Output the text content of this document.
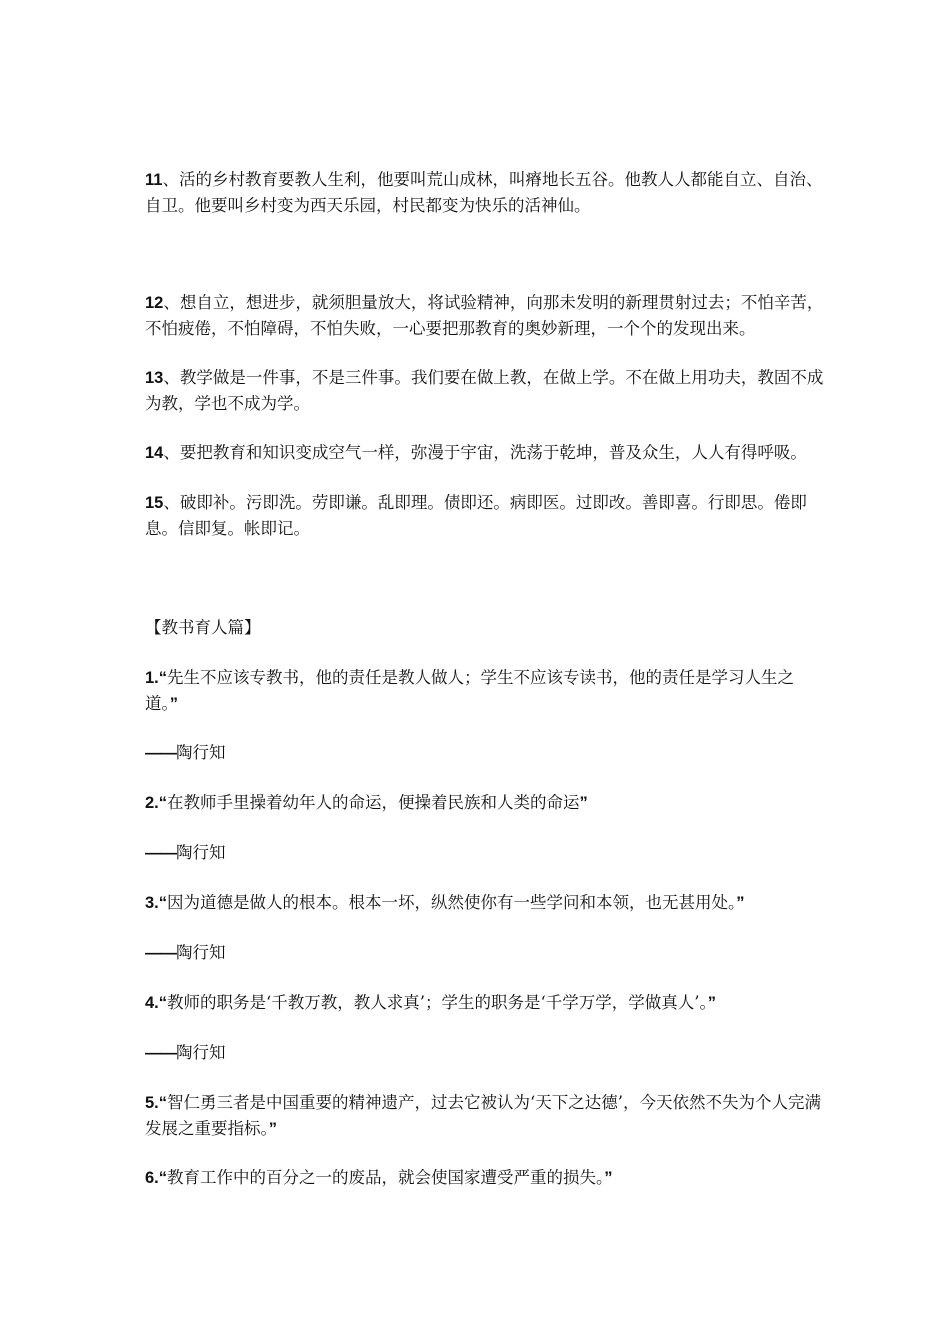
11、活的乡村教育要教人生利，他要叫荒山成林，叫瘠地长五谷。他教人人都能自立、自治、自卫。他要叫乡村变为西天乐园，村民都变为快乐的活神仙。

12、想自立，想进步，就须胆量放大，将试验精神，向那未发明的新理贯射过去；不怕辛苦，不怕疲倦，不怕障碍，不怕失败，一心要把那教育的奥妙新理，一个个的发现出来。

13、教学做是一件事，不是三件事。我们要在做上教，在做上学。不在做上用功夫，教固不成为教，学也不成为学。

14、要把教育和知识变成空气一样，弥漫于宇宙，洗荡于乾坤，普及众生，人人有得呼吸。

15、破即补。污即洗。劳即谦。乱即理。债即还。病即医。过即改。善即喜。行即思。倦即息。信即复。帐即记。

【教书育人篇】

1.“先生不应该专教书，他的责任是教人做人；学生不应该专读书，他的责任是学习人生之道。”

——陶行知

2.“在教师手里操着幼年人的命运，便操着民族和人类的命运”

——陶行知

3.“因为道德是做人的根本。根本一坏，纵然使你有一些学问和本领，也无甚用处。”

——陶行知

4.“教师的职务是‘千教万教，教人求真’；学生的职务是‘千学万学，学做真人’。”

——陶行知

5.“智仁勇三者是中国重要的精神遗产，过去它被认为‘天下之达德’，今天依然不失为个人完满发展之重要指标。”

6.“教育工作中的百分之一的废品，就会使国家遭受严重的损失。”
